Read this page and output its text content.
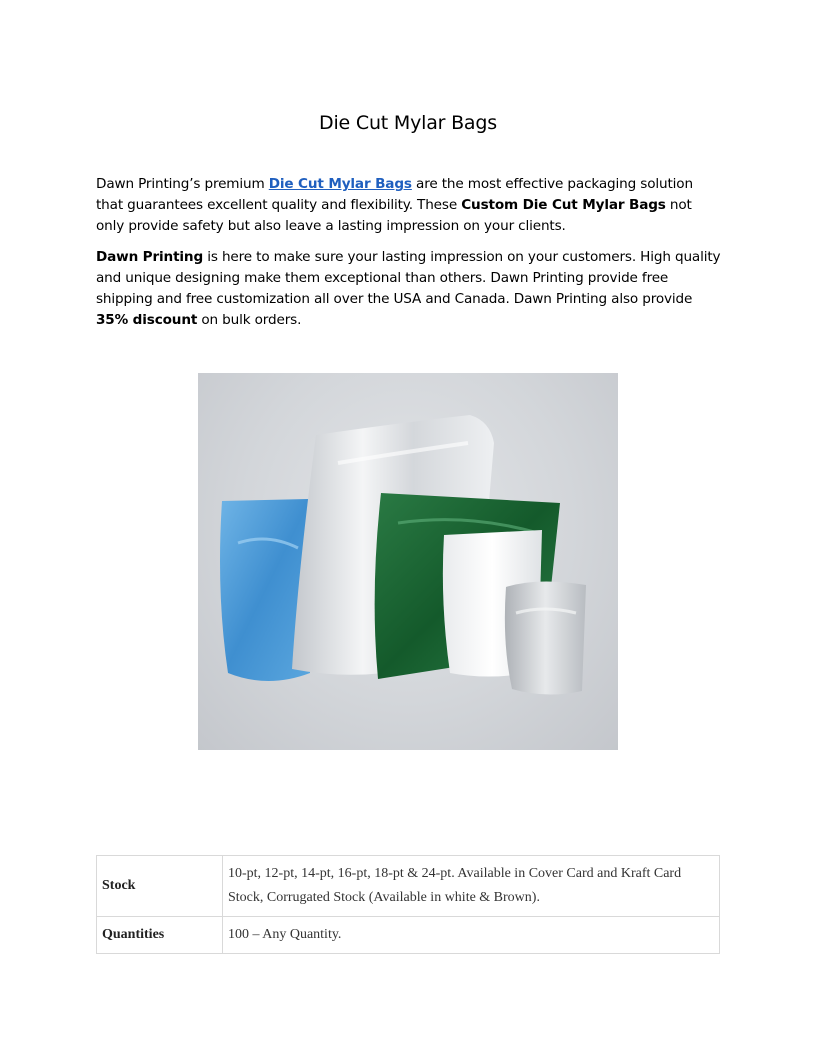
Die Cut Mylar Bags

Dawn Printing’s premium Die Cut Mylar Bags are the most effective packaging solution that guarantees excellent quality and flexibility. These Custom Die Cut Mylar Bags not only provide safety but also leave a lasting impression on your clients.

Dawn Printing is here to make sure your lasting impression on your customers. High quality and unique designing make them exceptional than others. Dawn Printing provide free shipping and free customization all over the USA and Canada. Dawn Printing also provide 35% discount on bulk orders.

Stock	10-pt, 12-pt, 14-pt, 16-pt, 18-pt & 24-pt. Available in Cover Card and Kraft Card Stock, Corrugated Stock (Available in white & Brown).
Quantities	100 – Any Quantity.
